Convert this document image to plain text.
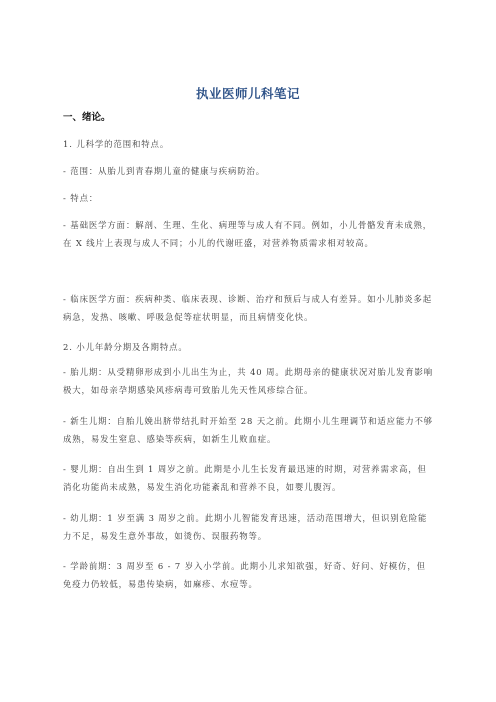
执业医师儿科笔记
一、绪论。
1. 儿科学的范围和特点。
- 范围：从胎儿到青春期儿童的健康与疾病防治。
- 特点：
- 基础医学方面：解剖、生理、生化、病理等与成人有不同。例如，小儿骨骼发育未成熟，在 X 线片上表现与成人不同；小儿的代谢旺盛，对营养物质需求相对较高。
- 临床医学方面：疾病种类、临床表现、诊断、治疗和预后与成人有差异。如小儿肺炎多起病急，发热、咳嗽、呼吸急促等症状明显，而且病情变化快。
2. 小儿年龄分期及各期特点。
- 胎儿期：从受精卵形成到小儿出生为止，共 40 周。此期母亲的健康状况对胎儿发育影响极大，如母亲孕期感染风疹病毒可致胎儿先天性风疹综合征。
- 新生儿期：自胎儿娩出脐带结扎时开始至 28 天之前。此期小儿生理调节和适应能力不够成熟，易发生窒息、感染等疾病，如新生儿败血症。
- 婴儿期：自出生到 1 周岁之前。此期是小儿生长发育最迅速的时期，对营养需求高，但消化功能尚未成熟，易发生消化功能紊乱和营养不良，如婴儿腹泻。
- 幼儿期：1 岁至满 3 周岁之前。此期小儿智能发育迅速，活动范围增大，但识别危险能力不足，易发生意外事故，如烫伤、误服药物等。
- 学龄前期：3 周岁至 6 - 7 岁入小学前。此期小儿求知欲强，好奇、好问、好模仿，但免疫力仍较低，易患传染病，如麻疹、水痘等。
